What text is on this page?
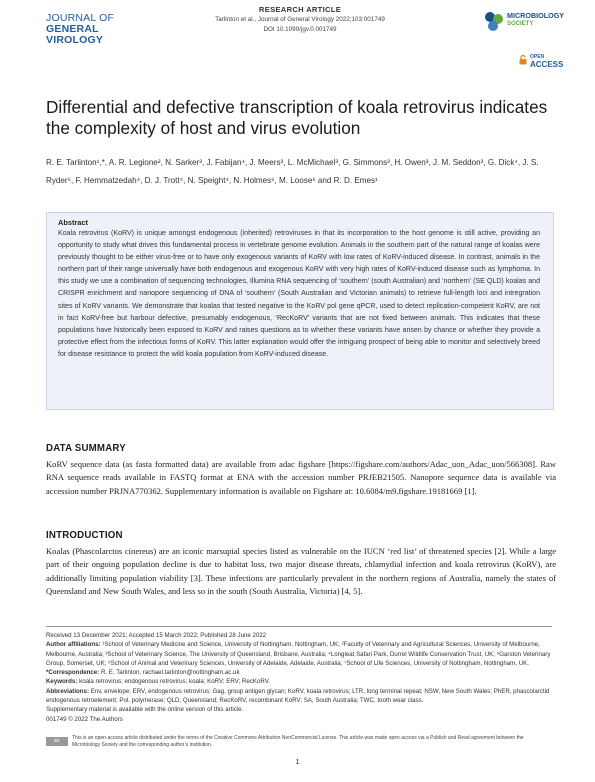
JOURNAL OF
GENERAL VIROLOGY
RESEARCH ARTICLE
Tarlinton et al., Journal of General Virology 2022;103:001749
DOI 10.1099/jgv.0.001749
MICROBIOLOGY
SOCIETY
OPEN
ACCESS
Differential and defective transcription of koala retrovirus indicates the complexity of host and virus evolution
R. E. Tarlinton¹,*, A. R. Legione², N. Sarker³, J. Fabijan⁴, J. Meers³, L. McMichael³, G. Simmons³, H. Owen³, J. M. Seddon³, G. Dick⁴, J. S. Ryder⁵, F. Hemmatzedah⁴, D. J. Trott⁴, N. Speight⁴, N. Holmes⁶, M. Loose⁶ and R. D. Emes¹
Abstract
Koala retrovirus (KoRV) is unique amongst endogenous (inherited) retroviruses in that its incorporation to the host genome is still active, providing an opportunity to study what drives this fundamental process in vertebrate genome evolution. Animals in the southern part of the natural range of koalas were previously thought to be either virus-free or to have only exogenous variants of KoRV with low rates of KoRV-induced disease. In contrast, animals in the northern part of their range universally have both endogenous and exogenous KoRV with very high rates of KoRV-induced disease such as lymphoma. In this study we use a combination of sequencing technologies, Illumina RNA sequencing of ‘southern’ (south Australian) and ‘northern’ (SE QLD) koalas and CRISPR enrichment and nanopore sequencing of DNA of ‘southern’ (South Australian and Victorian animals) to retrieve full-length loci and intregration sites of KoRV variants. We demonstrate that koalas that tested negative to the KoRV pol gene qPCR, used to detect replication-competent KoRV, are not in fact KoRV-free but harbour defective, presumably endogenous, ‘RecKoRV’ variants that are not fixed between animals. This indicates that these populations have historically been exposed to KoRV and raises questions as to whether these variants have arisen by chance or whether they provide a protective effect from the infectious forms of KoRV. This latter explanation would offer the intriguing prospect of being able to monitor and selectively breed for disease resistance to protect the wild koala population from KoRV-induced disease.
DATA SUMMARY
KoRV sequence data (as fasta formatted data) are available from adac figshare [https://figshare.com/authors/Adac_uon_Adac_uon/566308]. Raw RNA sequence reads available in FASTQ format at ENA with the accession number PRJEB21505. Nanopore sequence data is available via accession number PRJNA770362. Supplementary information is available on Figshare at: 10.6084/m9.figshare.19181669 [1].
INTRODUCTION
Koalas (Phascolarctos cinereus) are an iconic marsupial species listed as vulnerable on the IUCN ‘red list’ of threatened species [2]. While a large part of their ongoing population decline is due to habitat loss, two major disease threats, chlamydial infection and koala retrovirus (KoRV), are additionally limiting population viability [3]. These infections are particularly prevalent in the northern regions of Australia, namely the states of Queensland and New South Wales, and less so in the south (South Australia, Victoria) [4, 5].
Received 13 December 2021; Accepted 15 March 2022; Published 28 June 2022
Author affiliations: ¹School of Veterinary Medicine and Science, University of Nottingham, Nottingham, UK; ²Faculty of Veterinary and Agricultural Sciences, University of Melbourne, Melbourne, Australia; ³School of Veterinary Science, The University of Queensland, Brisbane, Australia; ⁴Longleat Safari Park, Durrel Wildlife Conservation Trust, UK; ⁵Garston Veterinary Group, Somerset, UK; ⁶School of Animal and Veterinary Sciences, University of Adelaide, Adelaide, Australia; ⁷School of Life Sciences, University of Nottingham, Nottingham, UK.
*Correspondence: R. E. Tarlinton, rachael.tarlinton@nottingham.ac.uk
Keywords: koala retrovirus; endogenous retrovirus; koala; KoRV; ERV; RecKoRV.
Abbreviations: Env, envelope; ERV, endogenous retrovirus; Gag, group antigen glycan; KoRV, koala retrovirus; LTR, long terminal repeat; NSW, New South Wales; PhER, phascolarctid endogenous retroelement; Pol, polymerase; QLD, Queensland; RecKoRV, recombinant KoRV; SA, South Australia; TWC, tooth wear class.
Supplementary material is available with the online version of this article.
001749 © 2022 The Authors
cc	This is an open-access article distributed under the terms of the Creative Commons Attribution NonCommercial License. This article was made open access via a Publish and Read agreement between the Microbiology Society and the corresponding author’s institution.
1
